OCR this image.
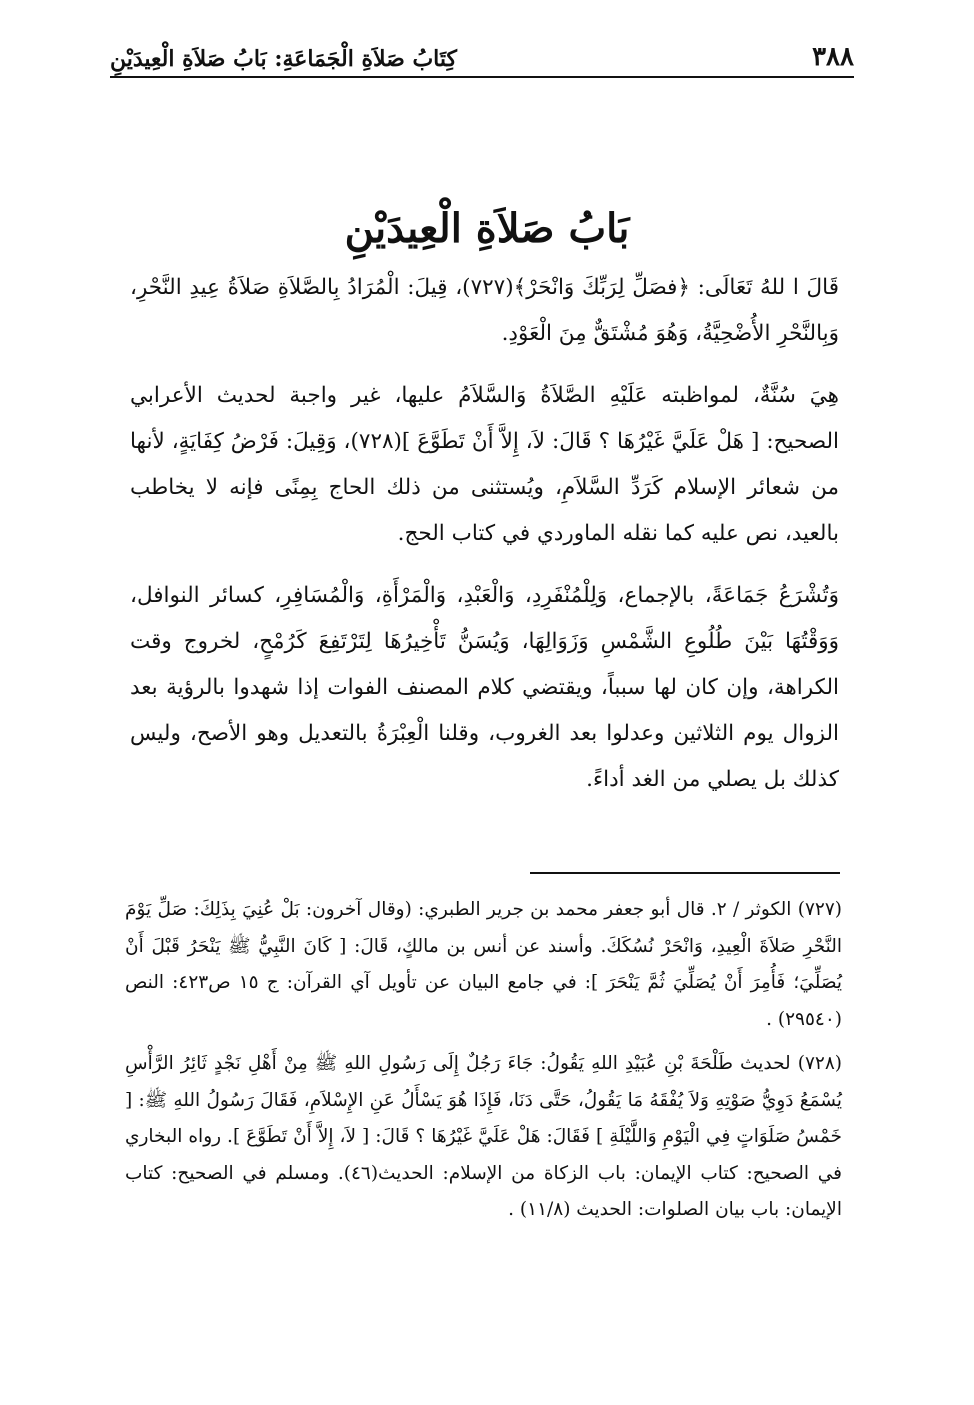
٣٨٨
كِتَابُ صَلاَةِ الْجَمَاعَةِ: بَابُ صَلاَةِ الْعِيدَيْنِ
بَابُ صَلاَةِ الْعِيدَيْنِ

قَالَ ا للهُ تَعَالَى: ﴿فصَلِّ لِرَبِّكَ وَانْحَرْ﴾(٧٢٧)، قِيلَ: الْمُرَادُ بِالصَّلاَةِ صَلاَةُ عِيدِ النَّحْرِ، وَبِالنَّحْرِ الأُضْحِيَّةُ، وَهُوَ مُشْتَقٌّ مِنَ الْعَوْدِ.

هِيَ سُنَّةٌ، لمواظبته عَلَيْهِ الصَّلاَةُ وَالسَّلاَمُ عليها، غير واجبة لحديث الأعرابي الصحيح: [ هَلْ عَلَيَّ غَيْرُهَا ؟ قَالَ: لاَ، إِلاَّ أَنْ تَطَوَّعَ ](٧٢٨)، وَقِيلَ: فَرْضُ كِفَايَةٍ، لأنها من شعائر الإسلام كَرَدِّ السَّلاَمِ، ويُستثنى من ذلك الحاج بِمِنًى فإنه لا يخاطب بالعيد، نص عليه كما نقله الماوردي في كتاب الحج.

وَتُشْرَعُ جَمَاعَةً، بالإجماع، وَلِلْمُنْفَرِدِ، وَالْعَبْدِ، وَالْمَرْأَةِ، وَالْمُسَافِرِ، كسائر النوافل، وَوَقْتُهَا بَيْنَ طُلُوعِ الشَّمْسِ وَزَوَالِهَا، وَيُسَنُّ تَأْخِيرُهَا لِتَرْتَفِعَ كَرُمْحٍ، لخروج وقت الكراهة، وإن كان لها سبباً، ويقتضي كلام المصنف الفوات إذا شهدوا بالرؤية بعد الزوال يوم الثلاثين وعدلوا بعد الغروب، وقلنا الْعِبْرَةُ بالتعديل وهو الأصح، وليس كذلك بل يصلي من الغد أداءً.

(٧٢٧) الكوثر / ٢. قال أبو جعفر محمد بن جرير الطبري: (وقال آخرون: بَلْ عُنِيَ بِذَلِكَ: صَلِّ يَوْمَ النَّحْرِ صَلاَةَ الْعِيدِ، وَانْحَرْ نُسُكَكَ. وأسند عن أنس بن مالكٍ، قَالَ: [ كَانَ النَّبِيُّ ﷺ يَنْحَرُ قَبْلَ أَنْ يُصَلِّيَ؛ فَأُمِرَ أَنْ يُصَلِّيَ ثُمَّ يَنْحَرَ ]: في جامع البيان عن تأويل آي القرآن: ج ١٥ ص٤٢٣: النص (٢٩٥٤٠) .

(٧٢٨) لحديث طَلْحَةَ بْنِ عُبَيْدِ اللهِ يَقُولُ: جَاءَ رَجُلٌ إِلَى رَسُولِ اللهِ ﷺ مِنْ أَهْلِ نَجْدٍ ثَائِرُ الرَّأْسِ يُسْمَعُ دَوِيُّ صَوْتِهِ وَلاَ يُفْقَهُ مَا يَقُولُ، حَتَّى دَنَا، فَإِذَا هُوَ يَسْأَلُ عَنِ الإِسْلاَمِ، فَقَالَ رَسُولُ اللهِ ﷺ: [ خَمْسُ صَلَوَاتٍ فِي الْيَوْمِ وَاللَّيْلَةِ ] فَقَالَ: هَلْ عَلَيَّ غَيْرُهَا ؟ قَالَ: [ لاَ، إِلاَّ أَنْ تَطَوَّعَ ]. رواه البخاري في الصحيح: كتاب الإيمان: باب الزكاة من الإسلام: الحديث(٤٦). ومسلم في الصحيح: كتاب الإيمان: باب بيان الصلوات: الحديث (١١/٨) .
